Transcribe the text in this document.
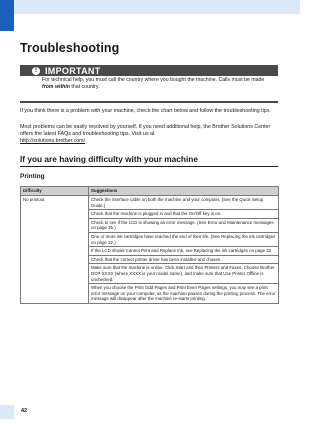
Troubleshooting
! IMPORTANT
For technical help, you must call the country where you bought the machine. Calls must be made from within that country.
If you think there is a problem with your machine, check the chart below and follow the troubleshooting tips.
Most problems can be easily resolved by yourself. If you need additional help, the Brother Solutions Center offers the latest FAQs and troubleshooting tips. Visit us at
http://solutions.brother.com/
If you are having difficulty with your machine
Printing
Difficulty	Suggestions
No printout	Check the interface cable on both the machine and your computer. (See the Quick Setup Guide.)
	Check that the machine is plugged in and that the On/Off key is on.
	Check to see if the LCD is showing an error message. (See Error and Maintenance messages on page 35.)
	One or more ink cartridges have reached the end of their life. (See Replacing the ink cartridges on page 32.)
	If the LCD shows Cannot Print and Replace Ink, see Replacing the ink cartridges on page 32.
	Check that the correct printer driver has been installed and chosen.
	Make sure that the machine is online. Click Start and then Printers and Faxes. Choose Brother DCP-XXXX (where XXXX is your model name), and make sure that Use Printer Offline is unchecked.
	When you choose the Print Odd Pages and Print Even Pages settings, you may see a print error message on your computer, as the machine pauses during the printing process. The error message will disappear after the machine re-starts printing.
42
